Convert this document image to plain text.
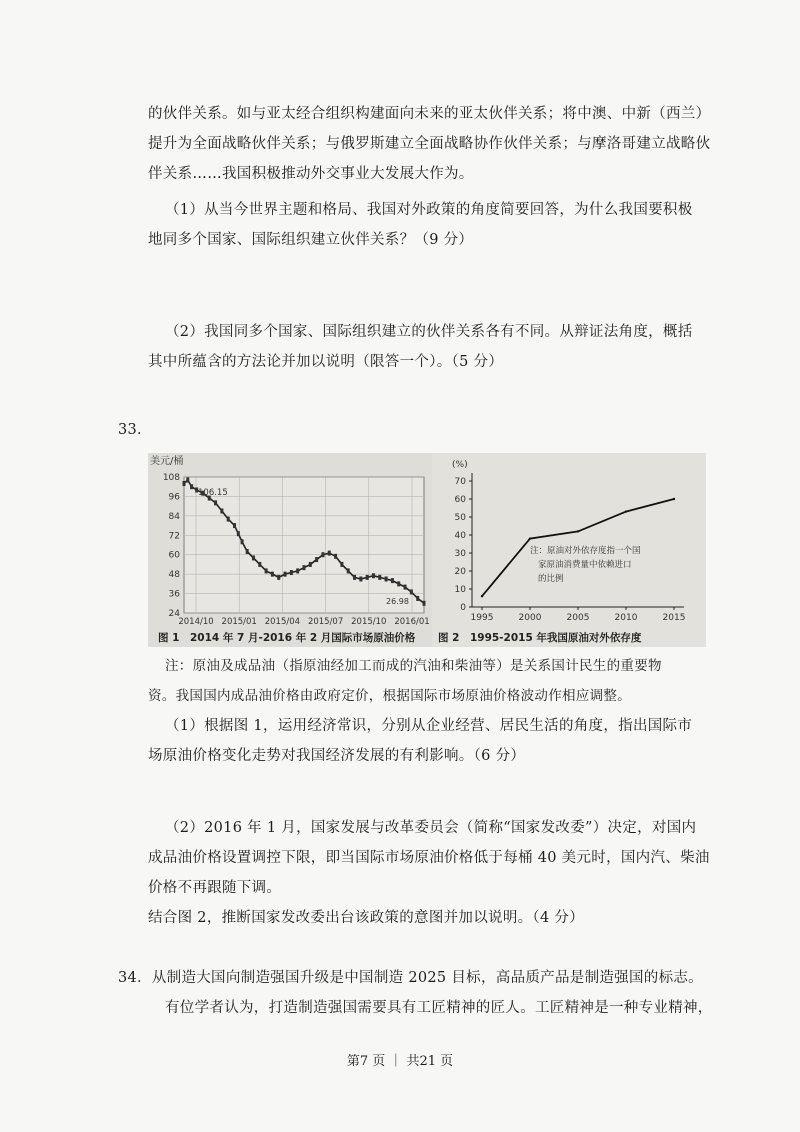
的伙伴关系。如与亚太经合组织构建面向未来的亚太伙伴关系；将中澳、中新（西兰）
提升为全面战略伙伴关系；与俄罗斯建立全面战略协作伙伴关系；与摩洛哥建立战略伙
伴关系……我国积极推动外交事业大发展大作为。
（1）从当今世界主题和格局、我国对外政策的角度简要回答，为什么我国要积极
地同多个国家、国际组织建立伙伴关系？（9 分）
（2）我国同多个国家、国际组织建立的伙伴关系各有不同。从辩证法角度，概括
其中所蕴含的方法论并加以说明（限答一个）。（5 分）
33．
美元/桶
108
96
84
72
60
48
36
24
2014/10 2015/01 2015/04 2015/07 2015/10 2016/01
106.15
26.98
图 1　2014 年 7 月-2016 年 2 月国际市场原油价格
(%)
70
60
50
40
30
20
10
0
1995	2000	2005	2010	2015
注：原油对外依存度指一个国
家原油消费量中依赖进口
的比例
图 2　1995-2015 年我国原油对外依存度
注：原油及成品油（指原油经加工而成的汽油和柴油等）是关系国计民生的重要物
资。我国国内成品油价格由政府定价，根据国际市场原油价格波动作相应调整。
（1）根据图 1，运用经济常识，分别从企业经营、居民生活的角度，指出国际市
场原油价格变化走势对我国经济发展的有利影响。（6 分）
（2）2016 年 1 月，国家发展与改革委员会（简称“国家发改委”）决定，对国内
成品油价格设置调控下限，即当国际市场原油价格低于每桶 40 美元时，国内汽、柴油
价格不再跟随下调。
结合图 2，推断国家发改委出台该政策的意图并加以说明。（4 分）
34．从制造大国向制造强国升级是中国制造 2025 目标，高品质产品是制造强国的标志。
有位学者认为，打造制造强国需要具有工匠精神的匠人。工匠精神是一种专业精神，
第7 页 ｜ 共21 页
